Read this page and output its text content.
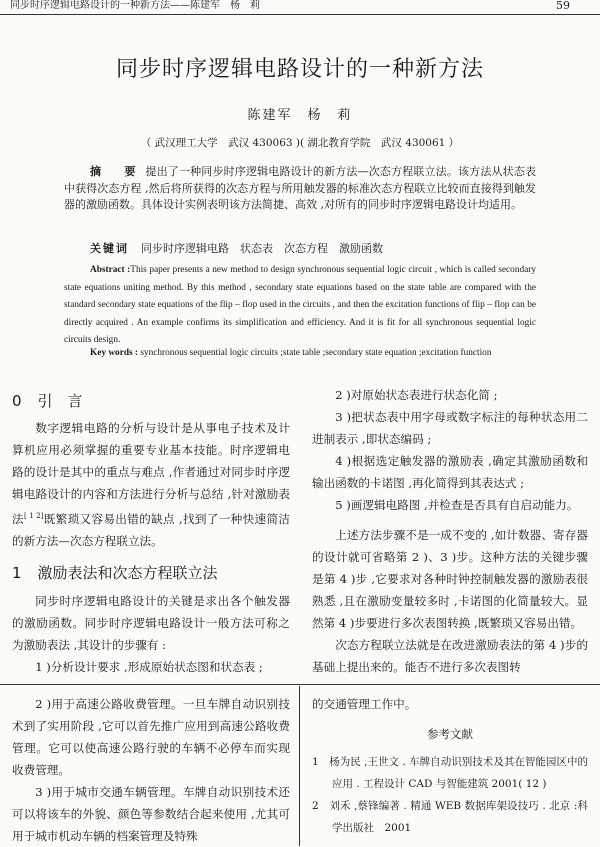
同步时序逻辑电路设计的一种新方法——陈建军　杨　莉	59
同步时序逻辑电路设计的一种新方法
陈建军　杨　莉
（ 武汉理工大学　武汉 430063 )( 湖北教育学院　武汉 430061 ）
摘　要 提出了一种同步时序逻辑电路设计的新方法—次态方程联立法。该方法从状态表中获得次态方程 ,然后将所获得的次态方程与所用触发器的标准次态方程联立比较而直接得到触发器的激励函数。具体设计实例表明该方法简捷、高效 ,对所有的同步时序逻辑电路设计均适用。
关键词 同步时序逻辑电路　状态表　次态方程　激励函数
Abstract :This paper presents a new method to design synchronous sequential logic circuit , which is called secondary state equations uniting method. By this method , secondary state equations based on the state table are compared with the standard secondary state equations of the flip – flop used in the circuits , and then the excitation functions of flip – flop can be directly acquired . An example confirms its simplification and efficiency. And it is fit for all synchronous sequential logic circuits design.
Key words : synchronous sequential logic circuits ;state table ;secondary state equation ;excitation function
0 引　言

数字逻辑电路的分析与设计是从事电子技术及计算机应用必须掌握的重要专业基本技能。时序逻辑电路的设计是其中的重点与难点 ,作者通过对同步时序逻辑电路设计的内容和方法进行分析与总结 ,针对激励表法[ 1 2]既繁琐又容易出错的缺点 ,找到了一种快速简洁的新方法—次态方程联立法。

1 激励表法和次态方程联立法

同步时序逻辑电路设计的关键是求出各个触发器的激励函数。同步时序逻辑电路设计一般方法可称之为激励表法 ,其设计的步骤有 :

1 )分析设计要求 ,形成原始状态图和状态表 ;

2 )对原始状态表进行状态化简 ;

3 )把状态表中用字母或数字标注的每种状态用二进制表示 ,即状态编码 ;

4 )根据选定触发器的激励表 ,确定其激励函数和输出函数的卡诺图 ,再化简得到其表达式 ;

5 )画逻辑电路图 ,并检查是否具有自启动能力。

上述方法步骤不是一成不变的 ,如计数器、寄存器的设计就可省略第 2 )、3 )步。这种方法的关键步骤是第 4 )步 ,它要求对各种时钟控制触发器的激励表很熟悉 ,且在激励变量较多时 ,卡诺图的化简量较大。显然第 4 )步要进行多次表图转换 ,既繁琐又容易出错。

次态方程联立法就是在改进激励表法的第 4 )步的基础上提出来的。能否不进行多次表图转

2 )用于高速公路收费管理。一旦车牌自动识别技术到了实用阶段 ,它可以首先推广应用到高速公路收费管理。它可以使高速公路行驶的车辆不必停车而实现收费管理。

3 )用于城市交通车辆管理。车牌自动识别技术还可以将该车的外貌、颜色等参数结合起来使用 ,尤其可用于城市机动车辆的档案管理及特殊

的交通管理工作中。

参考文献
1　杨为民 ,王世文 . 车牌自动识别技术及其在智能园区中的应用 . 工程设计 CAD 与智能建筑 2001( 12 )
2　刘禾 ,蔡锋编著 . 精通 WEB 数据库架设技巧 . 北京 :科学出版社　2001
